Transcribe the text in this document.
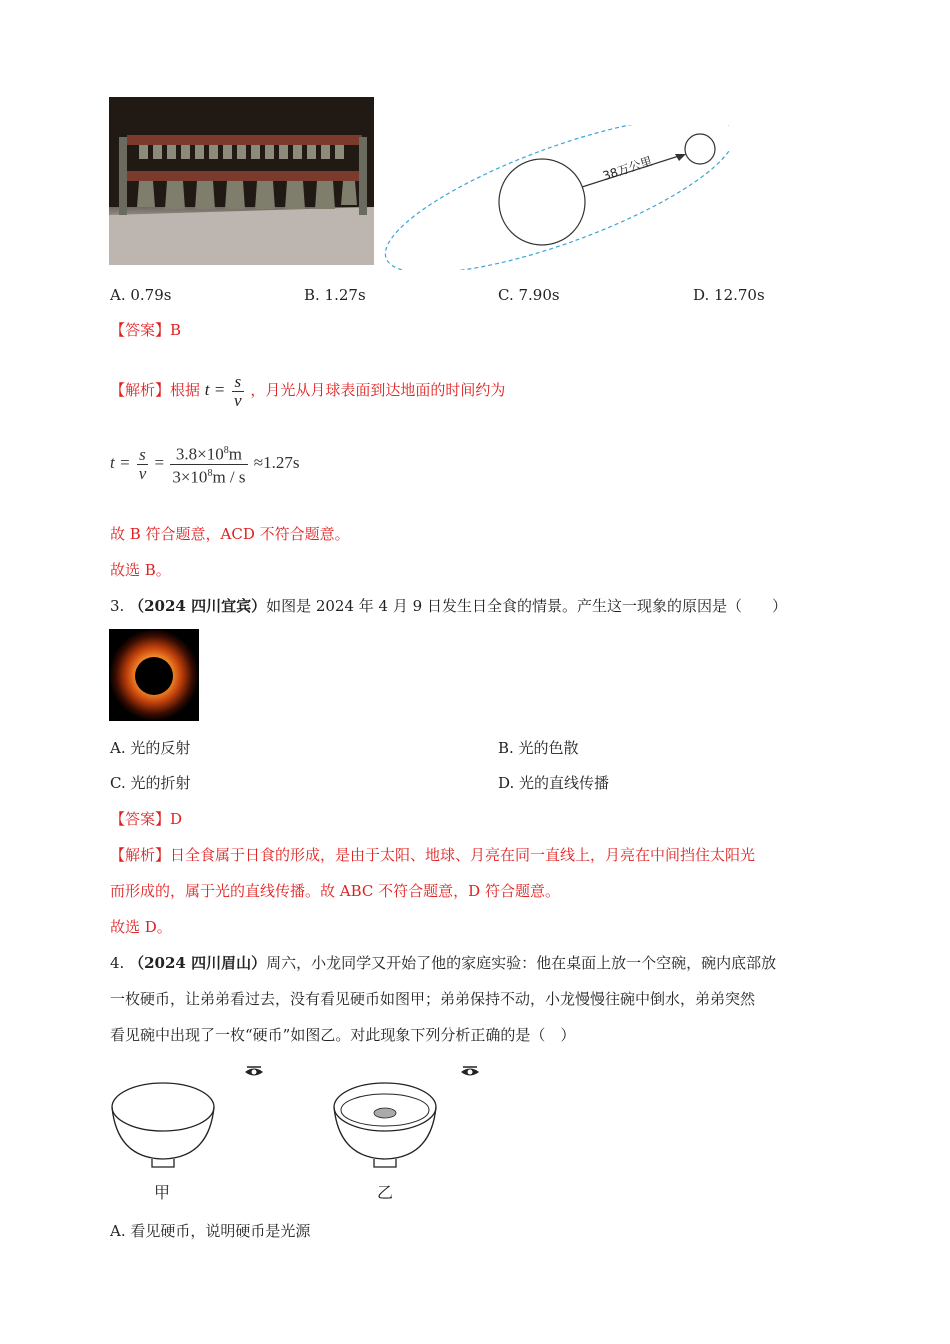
38万公里
A. 0.79s	B. 1.27s	C. 7.90s	D. 12.70s
【答案】B
【解析】根据 $t = \frac{s}{v}$ ，月光从月球表面到达地面的时间约为
$t = \frac{s}{v} = \frac{3.8\times 10^8m}{3\times 10^8m / s} \approx 1.27s$
故 B 符合题意，ACD 不符合题意。
故选 B。
3. （2024 四川宜宾）如图是 2024 年 4 月 9 日发生日全食的情景。产生这一现象的原因是（　　）
A. 光的反射	B. 光的色散
C. 光的折射	D. 光的直线传播
【答案】D
【解析】日全食属于日食的形成，是由于太阳、地球、月亮在同一直线上，月亮在中间挡住太阳光
而形成的，属于光的直线传播。故 ABC 不符合题意，D 符合题意。
故选 D。
4. （2024 四川眉山）周六，小龙同学又开始了他的家庭实验：他在桌面上放一个空碗，碗内底部放
一枚硬币，让弟弟看过去，没有看见硬币如图甲；弟弟保持不动，小龙慢慢往碗中倒水，弟弟突然
看见碗中出现了一枚“硬币”如图乙。对此现象下列分析正确的是（　）
甲	乙
A. 看见硬币，说明硬币是光源
